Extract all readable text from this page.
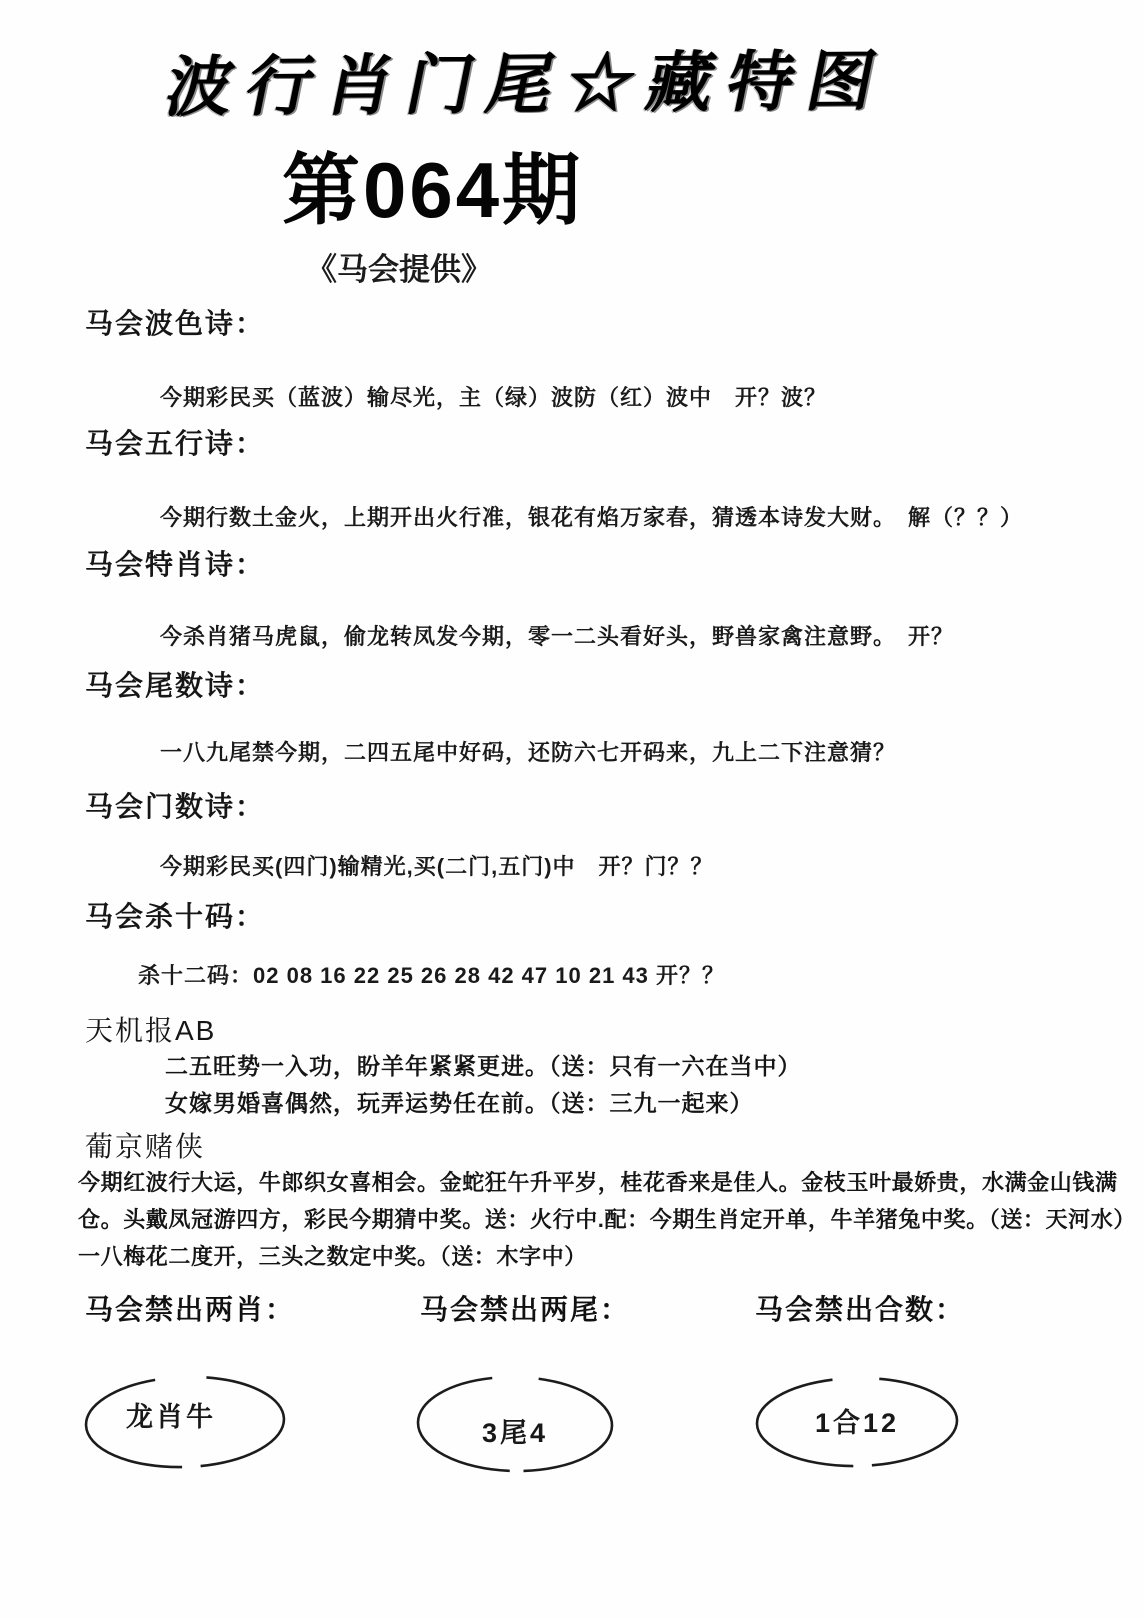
波行肖门尾☆藏特图
第064期
《马会提供》
马会波色诗：
今期彩民买（蓝波）输尽光，主（绿）波防（红）波中　开？波？
马会五行诗：
今期行数土金火，上期开出火行准，银花有焰万家春，猜透本诗发大财。　解（？？）
马会特肖诗：
今杀肖猪马虎鼠，偷龙转凤发今期，零一二头看好头，野兽家禽注意野。　开？
马会尾数诗：
一八九尾禁今期，二四五尾中好码，还防六七开码来，九上二下注意猜？
马会门数诗：
今期彩民买(四门)输精光,买(二门,五门)中　开？门？？
马会杀十码：
杀十二码：02 08 16 22 25 26 28 42 47 10 21 43 开？？
天机报AB
二五旺势一入功，盼羊年紧紧更进。（送：只有一六在当中）
女嫁男婚喜偶然，玩弄运势任在前。（送：三九一起来）
葡京赌侠
今期红波行大运，牛郎织女喜相会。金蛇狂午升平岁，桂花香来是佳人。金枝玉叶最娇贵，水满金山钱满
仓。头戴凤冠游四方，彩民今期猜中奖。送：火行中.配：今期生肖定开单，牛羊猪兔中奖。（送：天河水）
一八梅花二度开，三头之数定中奖。（送：木字中）
马会禁出两肖：	马会禁出两尾：	马会禁出合数：
龙肖牛
3尾4	1合12
